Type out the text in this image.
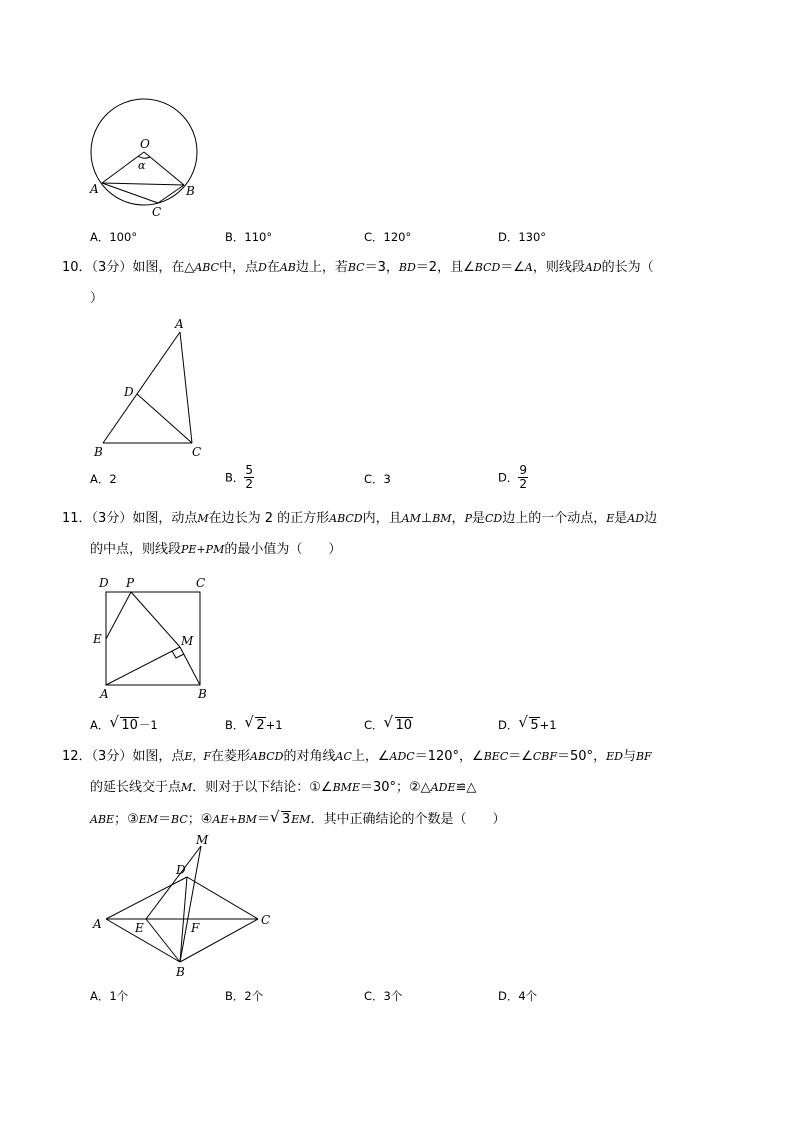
O
α
A	B
C
A．100°	B．110°	C．120°	D．130°
10．（3分）如图，在△ABC中，点D在AB边上，若BC＝3，BD＝2，且∠BCD＝∠A，则线段AD的长为（
）
A
D
B	C
A．2	B． $\frac{5}{2}$	C．3	D． $\frac{9}{2}$
11．（3分）如图，动点M在边长为 2 的正方形ABCD内，且AM⊥BM，P是CD边上的一个动点，E是AD边
的中点，则线段PE+PM的最小值为（　　）
D P	C
E	M
A	B
A． √ 10－1	B． √ 2+1	C． √ 10	D． √ 5+1
12．（3分）如图，点E，F在菱形ABCD的对角线AC上，∠ADC＝120°，∠BEC＝∠CBF＝50°，ED与BF
的延长线交于点M．则对于以下结论：①∠BME＝30°；②△ADE≌△
ABE；③EM＝BC；④AE+BM＝ √ 3EM．其中正确结论的个数是（　　）
M
D
A	E	F
C
B
A．1个	B．2个	C．3个	D．4个
